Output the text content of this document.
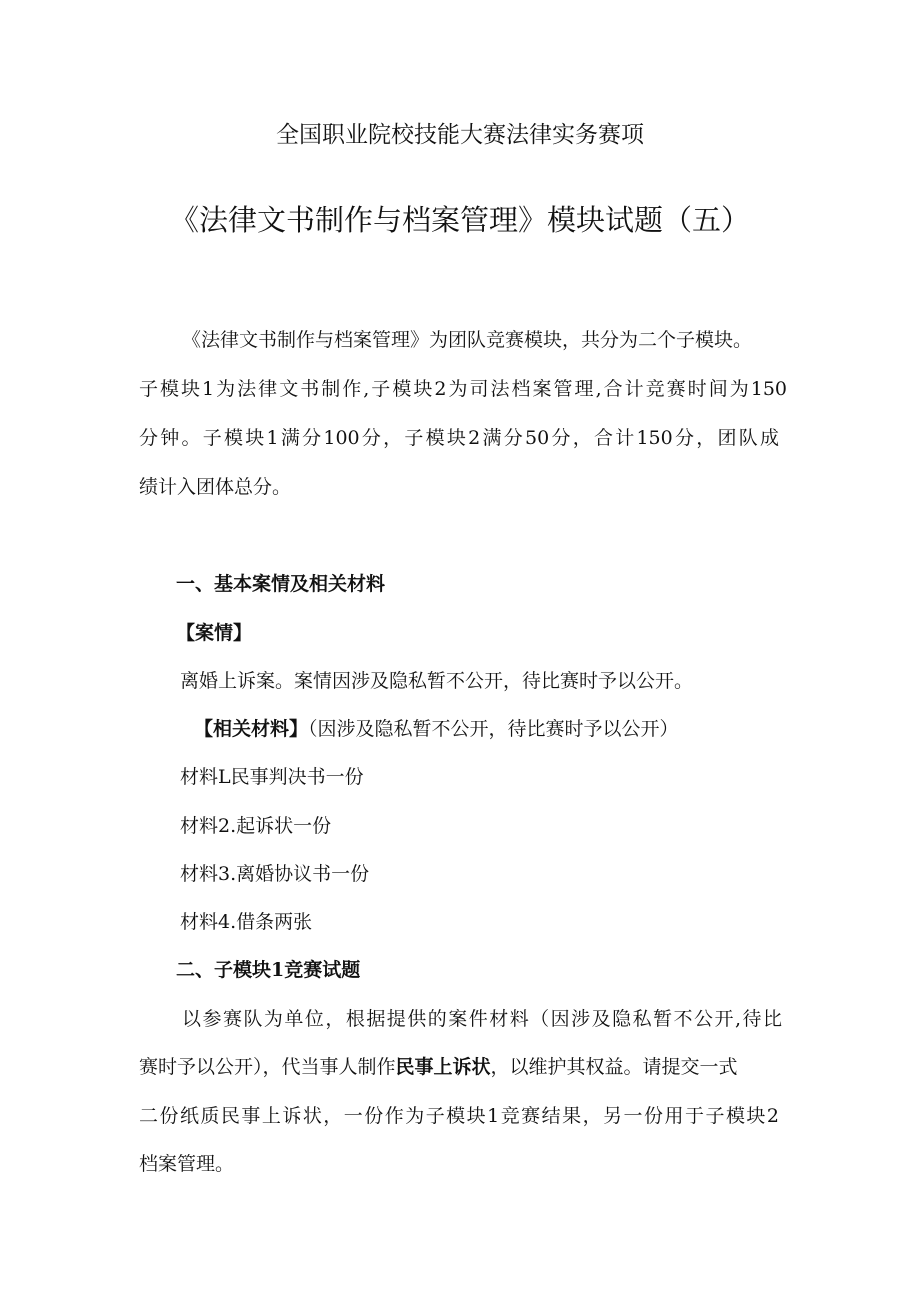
全国职业院校技能大赛法律实务赛项
《法律文书制作与档案管理》模块试题（五）
《法律文书制作与档案管理》为团队竞赛模块，共分为二个子模块。
子模块1为法律文书制作,子模块2为司法档案管理,合计竞赛时间为150
分钟。子模块1满分100分，子模块2满分50分，合计150分，团队成
绩计入团体总分。
一、基本案情及相关材料
【案情】
离婚上诉案。案情因涉及隐私暂不公开，待比赛时予以公开。
【相关材料】（因涉及隐私暂不公开，待比赛时予以公开）
材料L民事判决书一份
材料2.起诉状一份
材料3.离婚协议书一份
材料4.借条两张
二、子模块1竞赛试题
以参赛队为单位，根据提供的案件材料（因涉及隐私暂不公开,待比
赛时予以公开），代当事人制作民事上诉状，以维护其权益。请提交一式
二份纸质民事上诉状，一份作为子模块1竞赛结果，另一份用于子模块2
档案管理。
